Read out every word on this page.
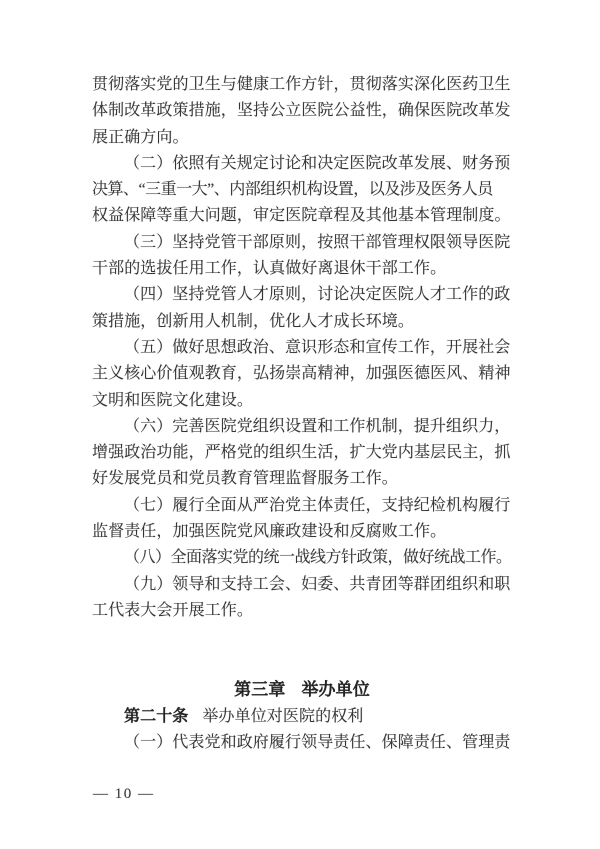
贯彻落实党的卫生与健康工作方针，贯彻落实深化医药卫生
体制改革政策措施，坚持公立医院公益性，确保医院改革发
展正确方向。
（二）依照有关规定讨论和决定医院改革发展、财务预
决算、“三重一大”、内部组织机构设置，以及涉及医务人员
权益保障等重大问题，审定医院章程及其他基本管理制度。
（三）坚持党管干部原则，按照干部管理权限领导医院
干部的选拔任用工作，认真做好离退休干部工作。
（四）坚持党管人才原则，讨论决定医院人才工作的政
策措施，创新用人机制，优化人才成长环境。
（五）做好思想政治、意识形态和宣传工作，开展社会
主义核心价值观教育，弘扬崇高精神，加强医德医风、精神
文明和医院文化建设。
（六）完善医院党组织设置和工作机制，提升组织力，
增强政治功能，严格党的组织生活，扩大党内基层民主，抓
好发展党员和党员教育管理监督服务工作。
（七）履行全面从严治党主体责任，支持纪检机构履行
监督责任，加强医院党风廉政建设和反腐败工作。
（八）全面落实党的统一战线方针政策，做好统战工作。
（九）领导和支持工会、妇委、共青团等群团组织和职
工代表大会开展工作。
第三章 举办单位
第二十条 举办单位对医院的权利
（一）代表党和政府履行领导责任、保障责任、管理责
— 10 —
